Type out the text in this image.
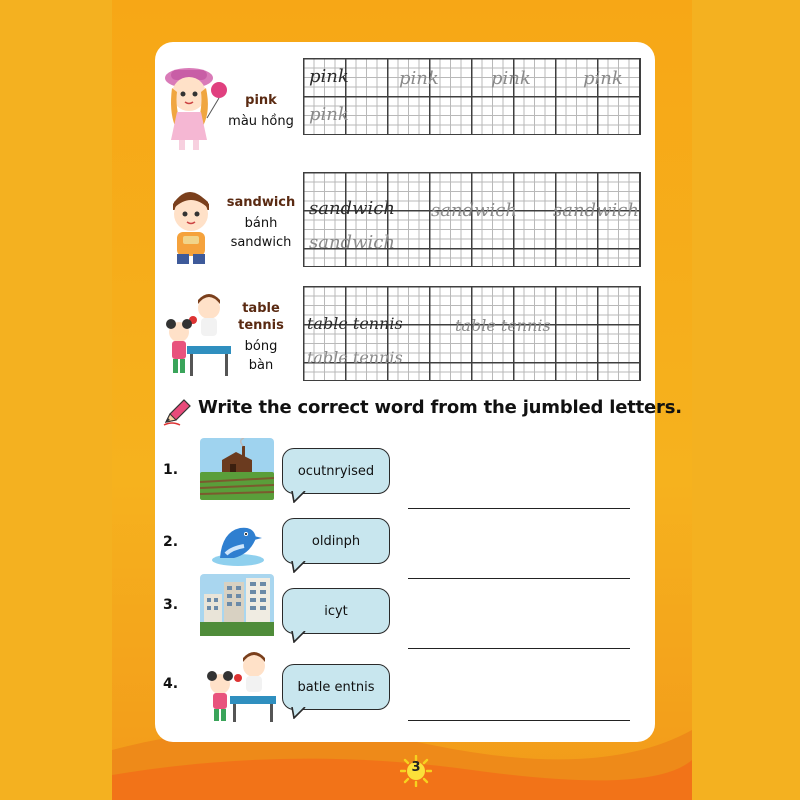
pink
màu hồng
pink	pink	pink	pink
pink
sandwich
bánh
sandwich
sandwich sandwich sandwich
sandwich
table
tennis
bóng
bàn
table tennis	table tennis
table tennis
Write the correct word from the jumbled letters.
1.	ocutnryised
2.	oldinph
3.	icyt
4.	batle entnis
3
